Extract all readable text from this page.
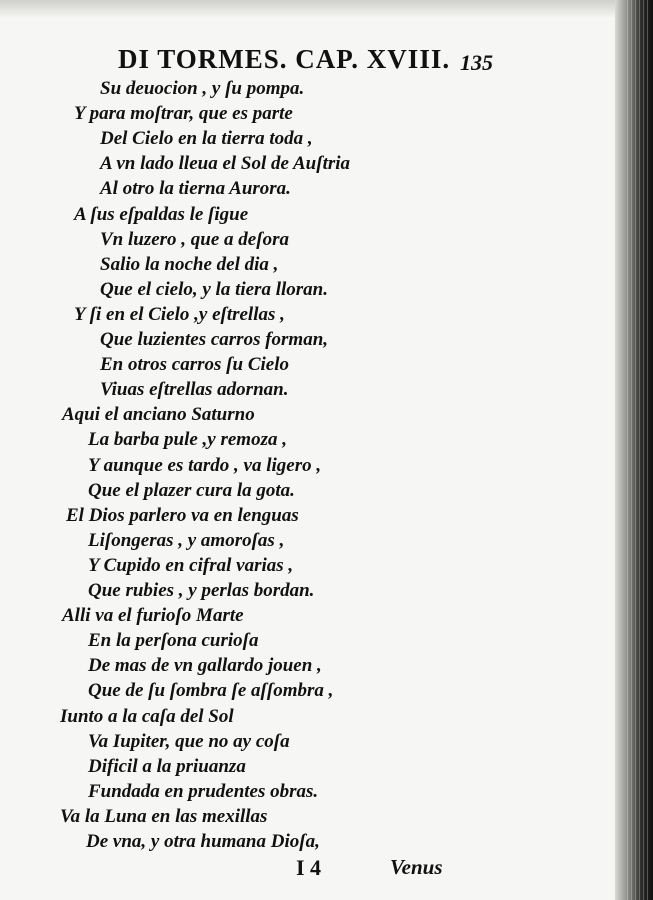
DI TORMES. CAP. XVIII. 135
Su deuocion , y ſu pompa.
Y para moſtrar, que es parte
Del Cielo en la tierra toda ,
A vn lado lleua el Sol de Auſtria
Al otro la tierna Aurora.
A ſus eſpaldas le ſigue
Vn luzero , que a deſora
Salio la noche del dia ,
Que el cielo, y la tiera lloran.
Y ſi en el Cielo ,y eſtrellas ,
Que luzientes carros forman,
En otros carros ſu Cielo
Viuas eſtrellas adornan.
Aqui el anciano Saturno
La barba pule ,y remoza ,
Y aunque es tardo , va ligero ,
Que el plazer cura la gota.
El Dios parlero va en lenguas
Liſongeras , y amoroſas ,
Y Cupido en cifral varias ,
Que rubies , y perlas bordan.
Alli va el furioſo Marte
En la perſona curioſa
De mas de vn gallardo jouen ,
Que de ſu ſombra ſe aſſombra ,
Iunto a la caſa del Sol
Va Iupiter, que no ay coſa
Dificil a la priuanza
Fundada en prudentes obras.
Va la Luna en las mexillas
De vna, y otra humana Dioſa,
I 4	Venus
